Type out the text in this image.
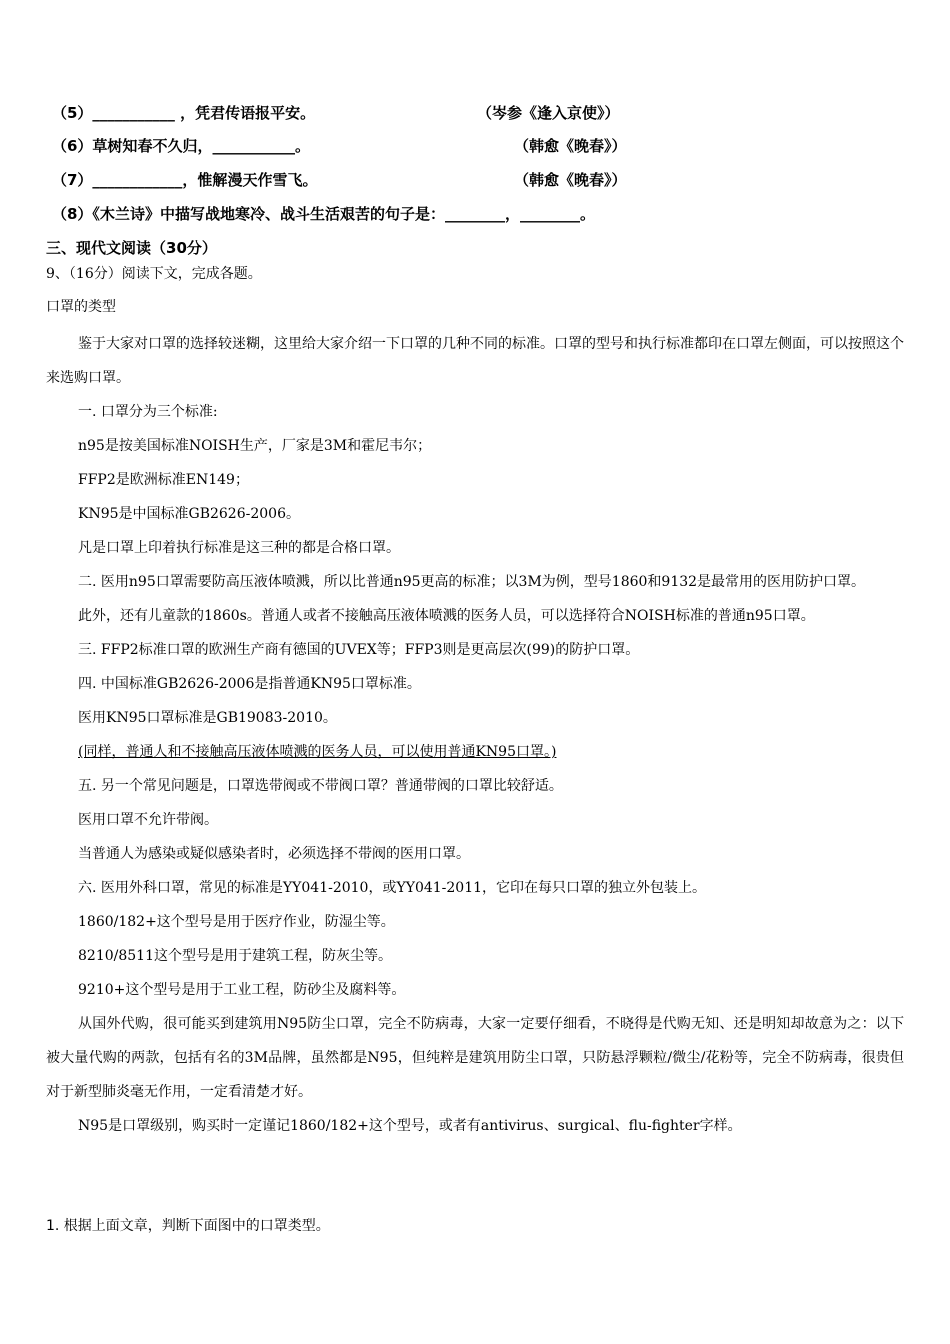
（5）___________ ，凭君传语报平安。	（岑参《逢入京使》）
（6）草树知春不久归，___________。	（韩愈《晚春》）
（7）____________，惟解漫天作雪飞。	（韩愈《晚春》）
（8）《木兰诗》中描写战地寒冷、战斗生活艰苦的句子是：________，________。
三、现代文阅读（30分）
9、（16分）阅读下文，完成各题。
口罩的类型

鉴于大家对口罩的选择较迷糊，这里给大家介绍一下口罩的几种不同的标准。口罩的型号和执行标准都印在口罩左侧面，可以按照这个来选购口罩。

一. 口罩分为三个标准:

n95是按美国标准NOISH生产，厂家是3M和霍尼韦尔；

FFP2是欧洲标准EN149；

KN95是中国标准GB2626-2006。

凡是口罩上印着执行标准是这三种的都是合格口罩。

二. 医用n95口罩需要防高压液体喷溅，所以比普通n95更高的标准；以3M为例，型号1860和9132是最常用的医用防护口罩。

此外，还有儿童款的1860s。普通人或者不接触高压液体喷溅的医务人员，可以选择符合NOISH标准的普通n95口罩。

三. FFP2标准口罩的欧洲生产商有德国的UVEX等；FFP3则是更高层次(99)的防护口罩。

四. 中国标准GB2626-2006是指普通KN95口罩标准。

医用KN95口罩标准是GB19083-2010。

(同样，普通人和不接触高压液体喷溅的医务人员，可以使用普通KN95口罩。)

五. 另一个常见问题是，口罩选带阀或不带阀口罩？普通带阀的口罩比较舒适。

医用口罩不允许带阀。

当普通人为感染或疑似感染者时，必须选择不带阀的医用口罩。

六. 医用外科口罩，常见的标准是YY041-2010，或YY041-2011，它印在每只口罩的独立外包装上。

1860/182+这个型号是用于医疗作业，防湿尘等。

8210/8511这个型号是用于建筑工程，防灰尘等。

9210+这个型号是用于工业工程，防砂尘及腐料等。

从国外代购，很可能买到建筑用N95防尘口罩，完全不防病毒，大家一定要仔细看，不晓得是代购无知、还是明知却故意为之：以下被大量代购的两款，包括有名的3M品牌，虽然都是N95，但纯粹是建筑用防尘口罩，只防悬浮颗粒/微尘/花粉等，完全不防病毒，很贵但对于新型肺炎毫无作用，一定看清楚才好。

N95是口罩级别，购买时一定谨记1860/182+这个型号，或者有antivirus、surgical、flu-fighter字样。

1. 根据上面文章，判断下面图中的口罩类型。
